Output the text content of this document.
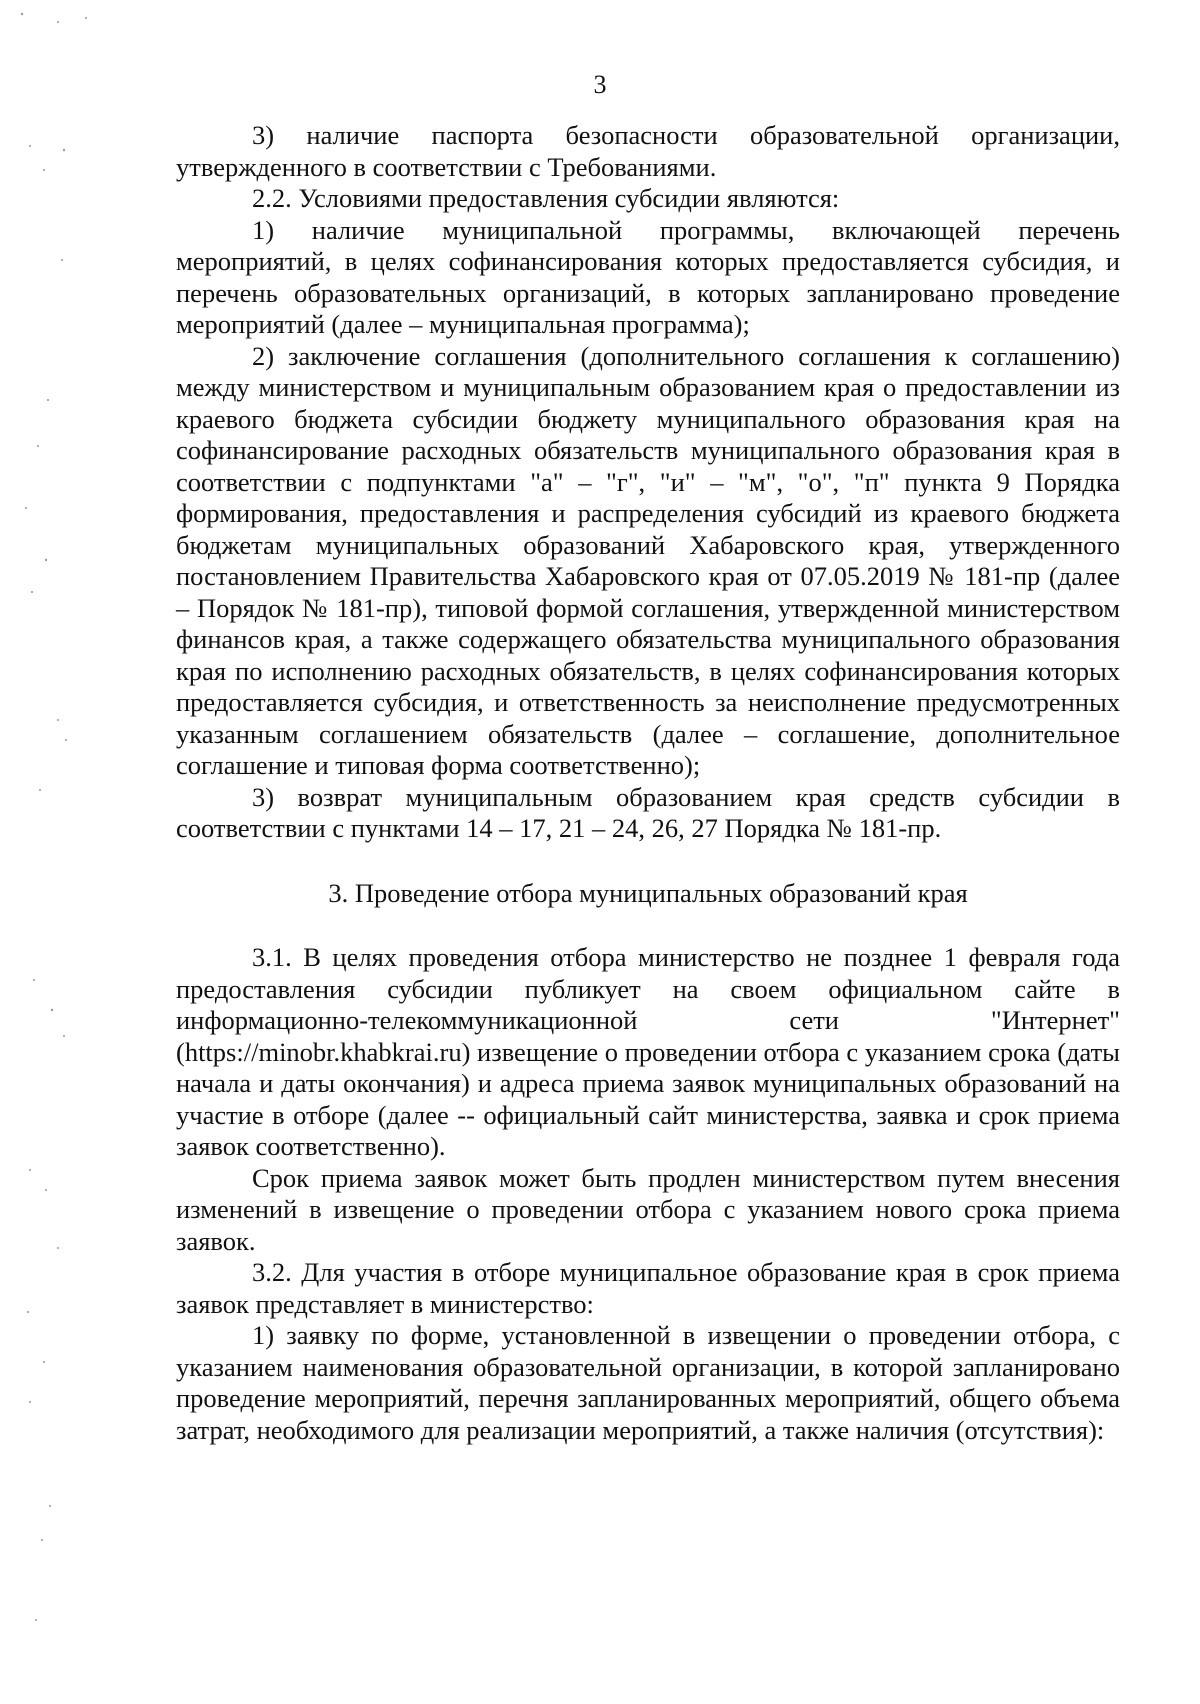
3

3) наличие паспорта безопасности образовательной организации, утвержденного в соответствии с Требованиями.

2.2. Условиями предоставления субсидии являются:

1) наличие муниципальной программы, включающей перечень мероприятий, в целях софинансирования которых предоставляется субсидия, и перечень образовательных организаций, в которых запланировано проведение мероприятий (далее – муниципальная программа);

2) заключение соглашения (дополнительного соглашения к соглашению) между министерством и муниципальным образованием края о предоставлении из краевого бюджета субсидии бюджету муниципального образования края на софинансирование расходных обязательств муниципального образования края в соответствии с подпунктами "а" – "г", "и" – "м", "о", "п" пункта 9 Порядка формирования, предоставления и распределения субсидий из краевого бюджета бюджетам муниципальных образований Хабаровского края, утвержденного постановлением Правительства Хабаровского края от 07.05.2019 № 181-пр (далее – Порядок № 181-пр), типовой формой соглашения, утвержденной министерством финансов края, а также содержащего обязательства муниципального образования края по исполнению расходных обязательств, в целях софинансирования которых предоставляется субсидия, и ответственность за неисполнение предусмотренных указанным соглашением обязательств (далее – соглашение, дополнительное соглашение и типовая форма соответственно);

3) возврат муниципальным образованием края средств субсидии в соответствии с пунктами 14 – 17, 21 – 24, 26, 27 Порядка № 181-пр.

3. Проведение отбора муниципальных образований края

3.1. В целях проведения отбора министерство не позднее 1 февраля года предоставления субсидии публикует на своем официальном сайте в информационно-телекоммуникационной сети "Интернет" (https://minobr.khabkrai.ru) извещение о проведении отбора с указанием срока (даты начала и даты окончания) и адреса приема заявок муниципальных образований на участие в отборе (далее -- официальный сайт министерства, заявка и срок приема заявок соответственно).

Срок приема заявок может быть продлен министерством путем внесения изменений в извещение о проведении отбора с указанием нового срока приема заявок.

3.2. Для участия в отборе муниципальное образование края в срок приема заявок представляет в министерство:

1) заявку по форме, установленной в извещении о проведении отбора, с указанием наименования образовательной организации, в которой запланировано проведение мероприятий, перечня запланированных мероприятий, общего объема затрат, необходимого для реализации мероприятий, а также наличия (отсутствия):
